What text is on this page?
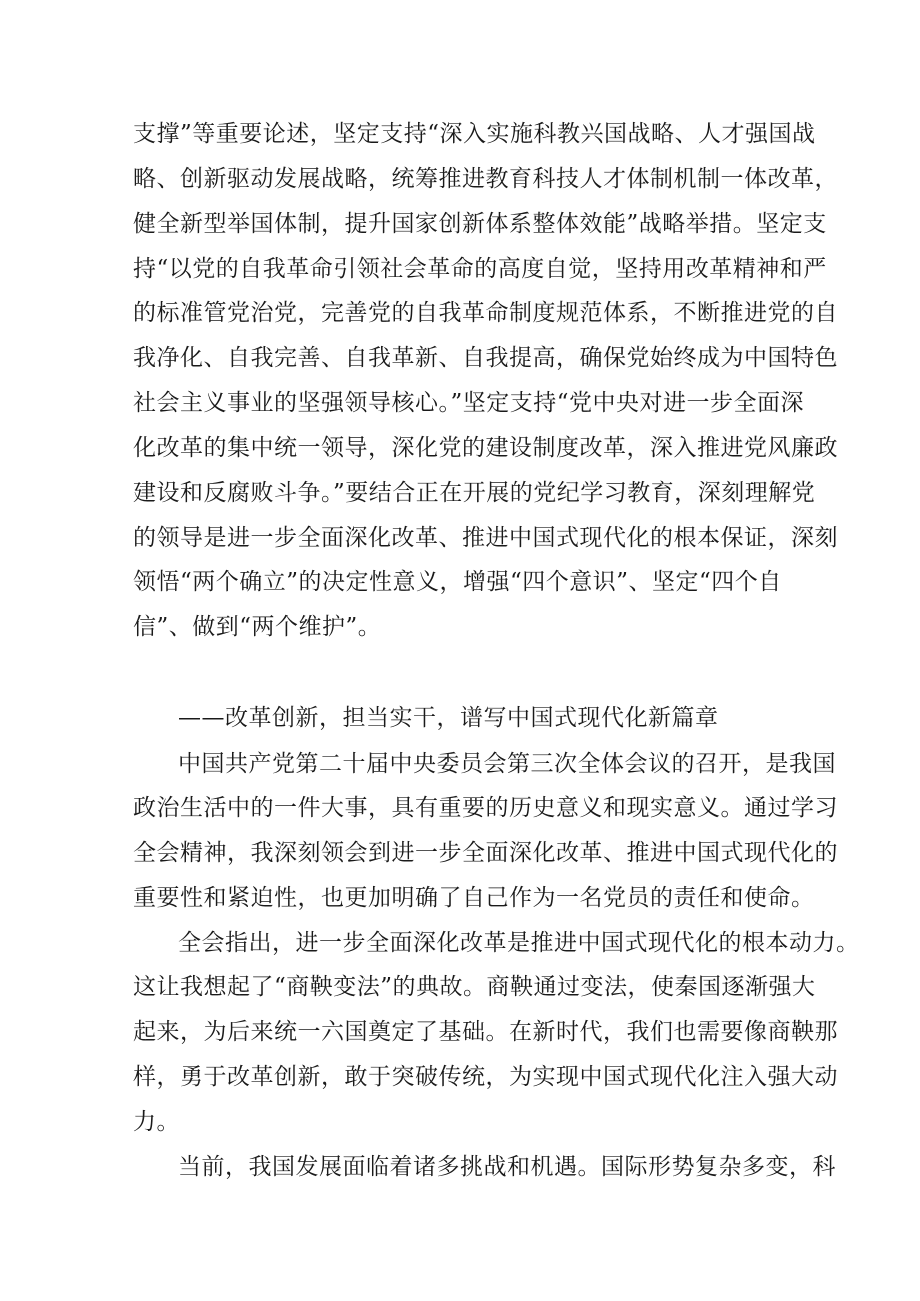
支撑”等重要论述，坚定支持“深入实施科教兴国战略、人才强国战
略、创新驱动发展战略，统筹推进教育科技人才体制机制一体改革，
健全新型举国体制，提升国家创新体系整体效能”战略举措。坚定支
持“以党的自我革命引领社会革命的高度自觉，坚持用改革精神和严
的标准管党治党，完善党的自我革命制度规范体系，不断推进党的自
我净化、自我完善、自我革新、自我提高，确保党始终成为中国特色
社会主义事业的坚强领导核心。”坚定支持“党中央对进一步全面深
化改革的集中统一领导，深化党的建设制度改革，深入推进党风廉政
建设和反腐败斗争。”要结合正在开展的党纪学习教育，深刻理解党
的领导是进一步全面深化改革、推进中国式现代化的根本保证，深刻
领悟“两个确立”的决定性意义，增强“四个意识”、坚定“四个自
信”、做到“两个维护”。
——改革创新，担当实干，谱写中国式现代化新篇章
中国共产党第二十届中央委员会第三次全体会议的召开，是我国
政治生活中的一件大事，具有重要的历史意义和现实意义。通过学习
全会精神，我深刻领会到进一步全面深化改革、推进中国式现代化的
重要性和紧迫性，也更加明确了自己作为一名党员的责任和使命。
全会指出，进一步全面深化改革是推进中国式现代化的根本动力。
这让我想起了“商鞅变法”的典故。商鞅通过变法，使秦国逐渐强大
起来，为后来统一六国奠定了基础。在新时代，我们也需要像商鞅那
样，勇于改革创新，敢于突破传统，为实现中国式现代化注入强大动
力。
当前，我国发展面临着诸多挑战和机遇。国际形势复杂多变，科
